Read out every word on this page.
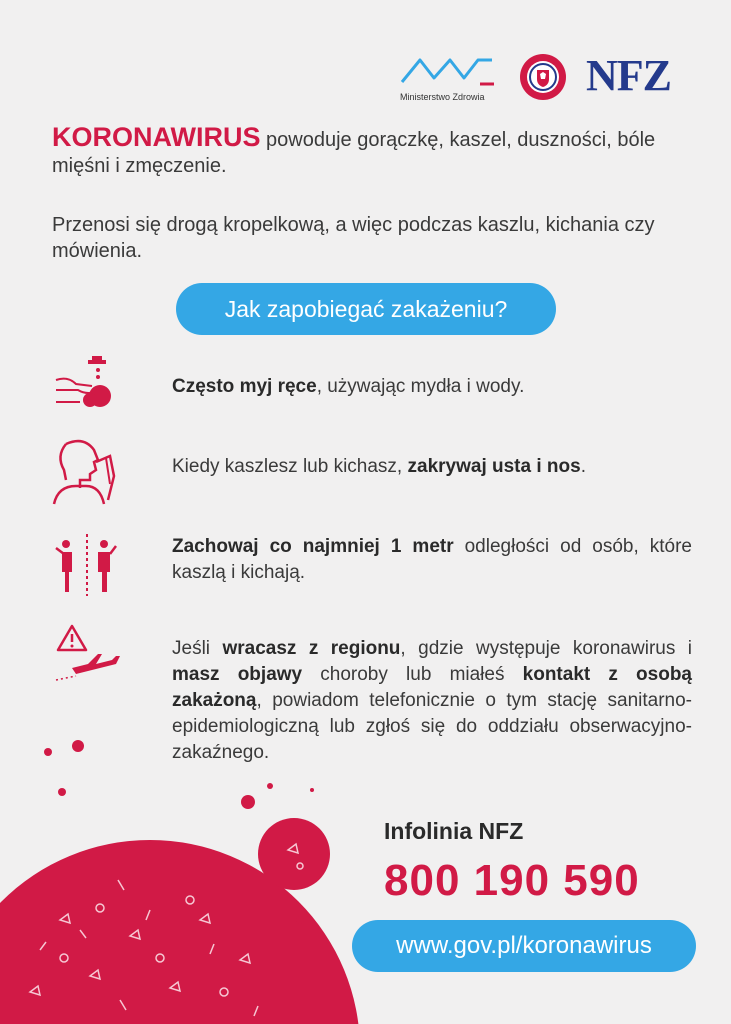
Ministerstwo Zdrowia NFZ

KORONAWIRUS powoduje gorączkę, kaszel, duszności, bóle mięśni i zmęczenie.

Przenosi się drogą kropelkową, a więc podczas kaszlu, kichania czy mówienia.

Jak zapobiegać zakażeniu?

Często myj ręce, używając mydła i wody.

Kiedy kaszlesz lub kichasz, zakrywaj usta i nos.

Zachowaj co najmniej 1 metr odległości od osób, które kaszlą i kichają.

Jeśli wracasz z regionu, gdzie występuje koronawirus i masz objawy choroby lub miałeś kontakt z osobą zakażoną, powiadom telefonicznie o tym stację sanitarno-epidemiologiczną lub zgłoś się do oddziału obserwacyjno-zakaźnego.

Infolinia NFZ
800 190 590
www.gov.pl/koronawirus
